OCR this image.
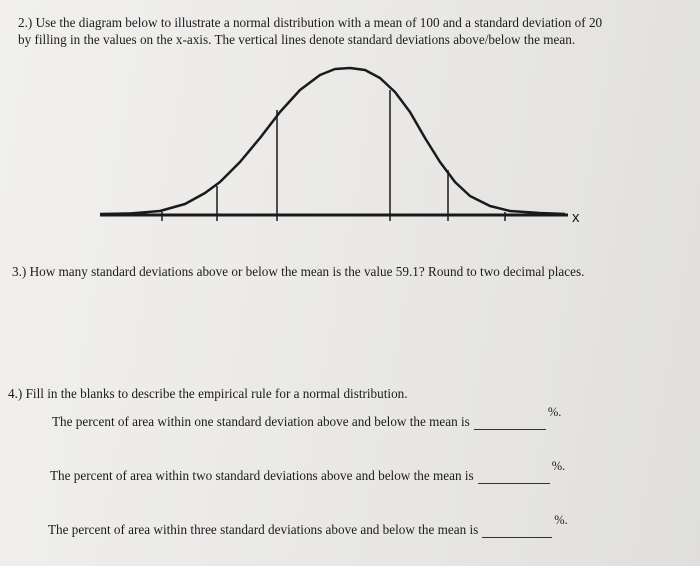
2.) Use the diagram below to illustrate a normal distribution with a mean of 100 and a standard deviation of 20

by filling in the values on the x-axis. The vertical lines denote standard deviations above/below the mean.

x

3.) How many standard deviations above or below the mean is the value 59.1? Round to two decimal places.

4.) Fill in the blanks to describe the empirical rule for a normal distribution.

The percent of area within one standard deviation above and below the mean is%.
The percent of area within two standard deviations above and below the mean is%.
The percent of area within three standard deviations above and below the mean is%.
